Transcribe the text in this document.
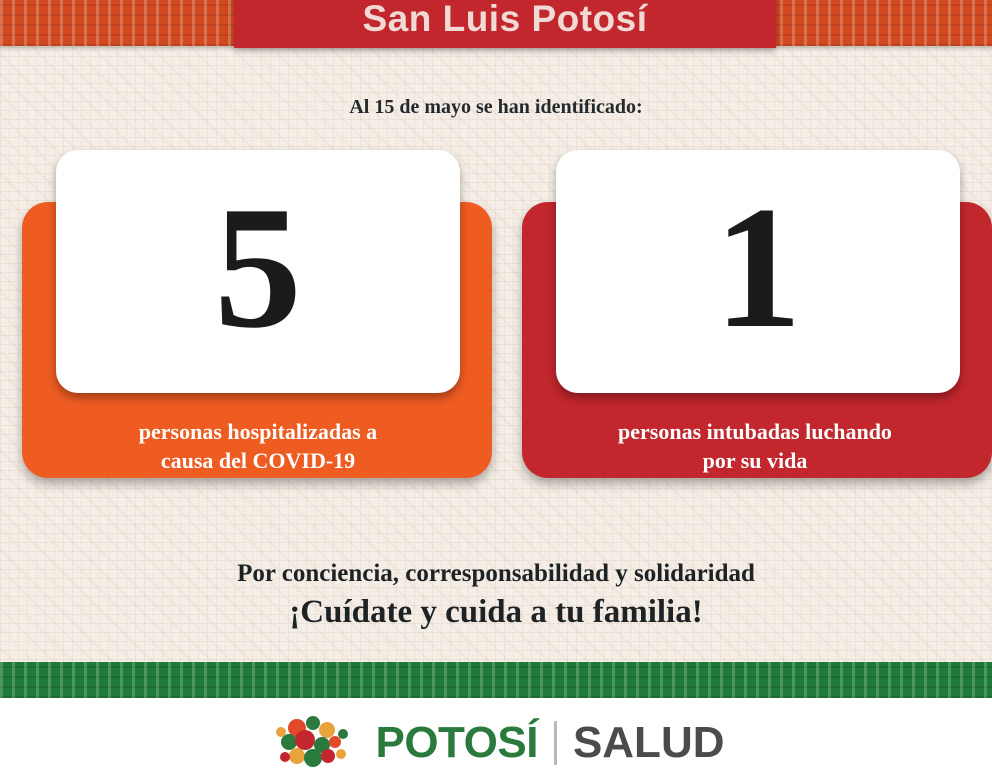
San Luis Potosí
Al 15 de mayo se han identificado:
5 1
personas hospitalizadas a
causa del COVID-19
personas intubadas luchando
por su vida
Por conciencia, corresponsabilidad y solidaridad
¡Cuídate y cuida a tu familia!
POTOSÍ SALUD
